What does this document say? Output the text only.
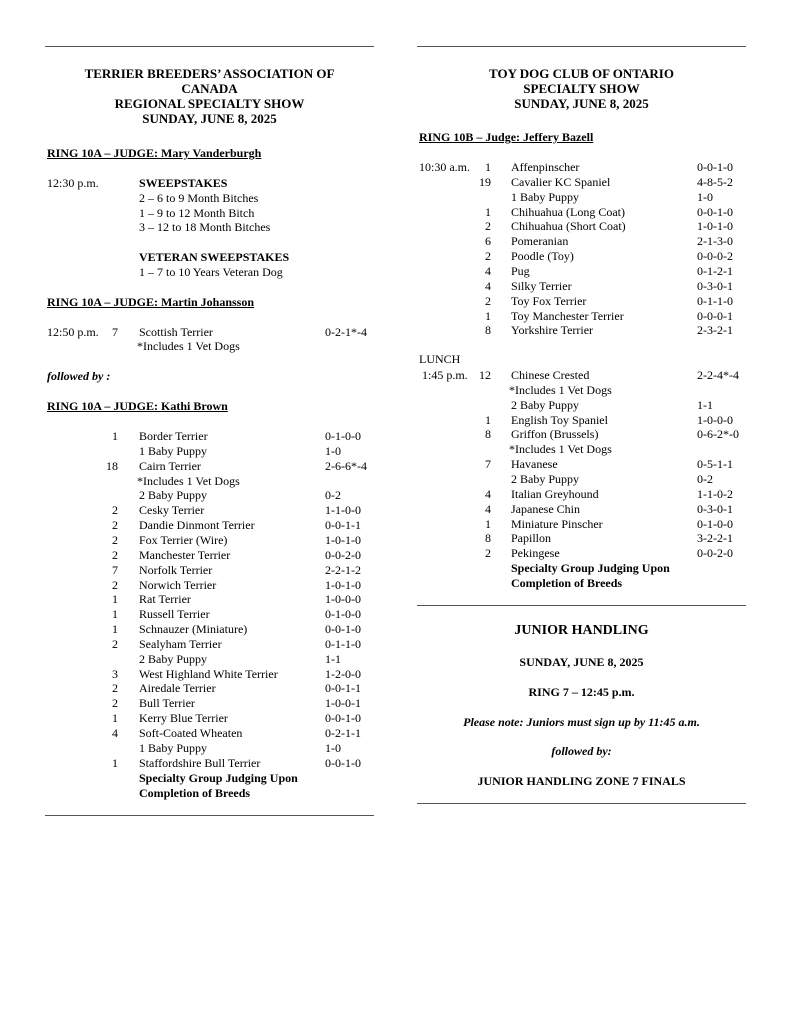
TERRIER BREEDERS’ ASSOCIATION OF
CANADA
REGIONAL SPECIALTY SHOW
SUNDAY, JUNE 8, 2025
RING 10A – JUDGE: Mary Vanderburgh
12:30 p.m.	SWEEPSTAKES
2 – 6 to 9 Month Bitches
1 – 9 to 12 Month Bitch
3 – 12 to 18 Month Bitches
VETERAN SWEEPSTAKES
1 – 7 to 10 Years Veteran Dog
RING 10A – JUDGE: Martin Johansson
12:50 p.m. 7 Scottish Terrier	0-2-1*-4
*Includes 1 Vet Dogs
followed by :
RING 10A – JUDGE: Kathi Brown
1 Border Terrier	0-1-0-0
1 Baby Puppy	1-0
18 Cairn Terrier	2-6-6*-4
*Includes 1 Vet Dogs
2 Baby Puppy	0-2
2 Cesky Terrier	1-1-0-0
2 Dandie Dinmont Terrier	0-0-1-1
2 Fox Terrier (Wire)	1-0-1-0
2 Manchester Terrier	0-0-2-0
7 Norfolk Terrier	2-2-1-2
2 Norwich Terrier	1-0-1-0
1 Rat Terrier	1-0-0-0
1 Russell Terrier	0-1-0-0
1 Schnauzer (Miniature)	0-0-1-0
2 Sealyham Terrier	0-1-1-0
2 Baby Puppy	1-1
3 West Highland White Terrier	1-2-0-0
2 Airedale Terrier	0-0-1-1
2 Bull Terrier	1-0-0-1
1 Kerry Blue Terrier	0-0-1-0
4 Soft-Coated Wheaten	0-2-1-1
1 Baby Puppy	1-0
1 Staffordshire Bull Terrier	0-0-1-0
Specialty Group Judging Upon
Completion of Breeds
TOY DOG CLUB OF ONTARIO
SPECIALTY SHOW
SUNDAY, JUNE 8, 2025
RING 10B – Judge: Jeffery Bazell
10:30 a.m.	1 Affenpinscher	0-0-1-0
19 Cavalier KC Spaniel	4-8-5-2
1 Baby Puppy	1-0
1 Chihuahua (Long Coat)	0-0-1-0
2 Chihuahua (Short Coat)	1-0-1-0
6 Pomeranian	2-1-3-0
2 Poodle (Toy)	0-0-0-2
4 Pug	0-1-2-1
4 Silky Terrier	0-3-0-1
2 Toy Fox Terrier	0-1-1-0
1 Toy Manchester Terrier	0-0-0-1
8 Yorkshire Terrier	2-3-2-1
LUNCH
1:45 p.m. 12 Chinese Crested	2-2-4*-4
*Includes 1 Vet Dogs
2 Baby Puppy	1-1
1 English Toy Spaniel	1-0-0-0
8 Griffon (Brussels)	0-6-2*-0
*Includes 1 Vet Dogs
7 Havanese	0-5-1-1
2 Baby Puppy	0-2
4 Italian Greyhound	1-1-0-2
4 Japanese Chin	0-3-0-1
1 Miniature Pinscher	0-1-0-0
8 Papillon	3-2-2-1
2 Pekingese	0-0-2-0
Specialty Group Judging Upon
Completion of Breeds
JUNIOR HANDLING
SUNDAY, JUNE 8, 2025
RING 7 – 12:45 p.m.
Please note: Juniors must sign up by 11:45 a.m.
followed by:
JUNIOR HANDLING ZONE 7 FINALS
